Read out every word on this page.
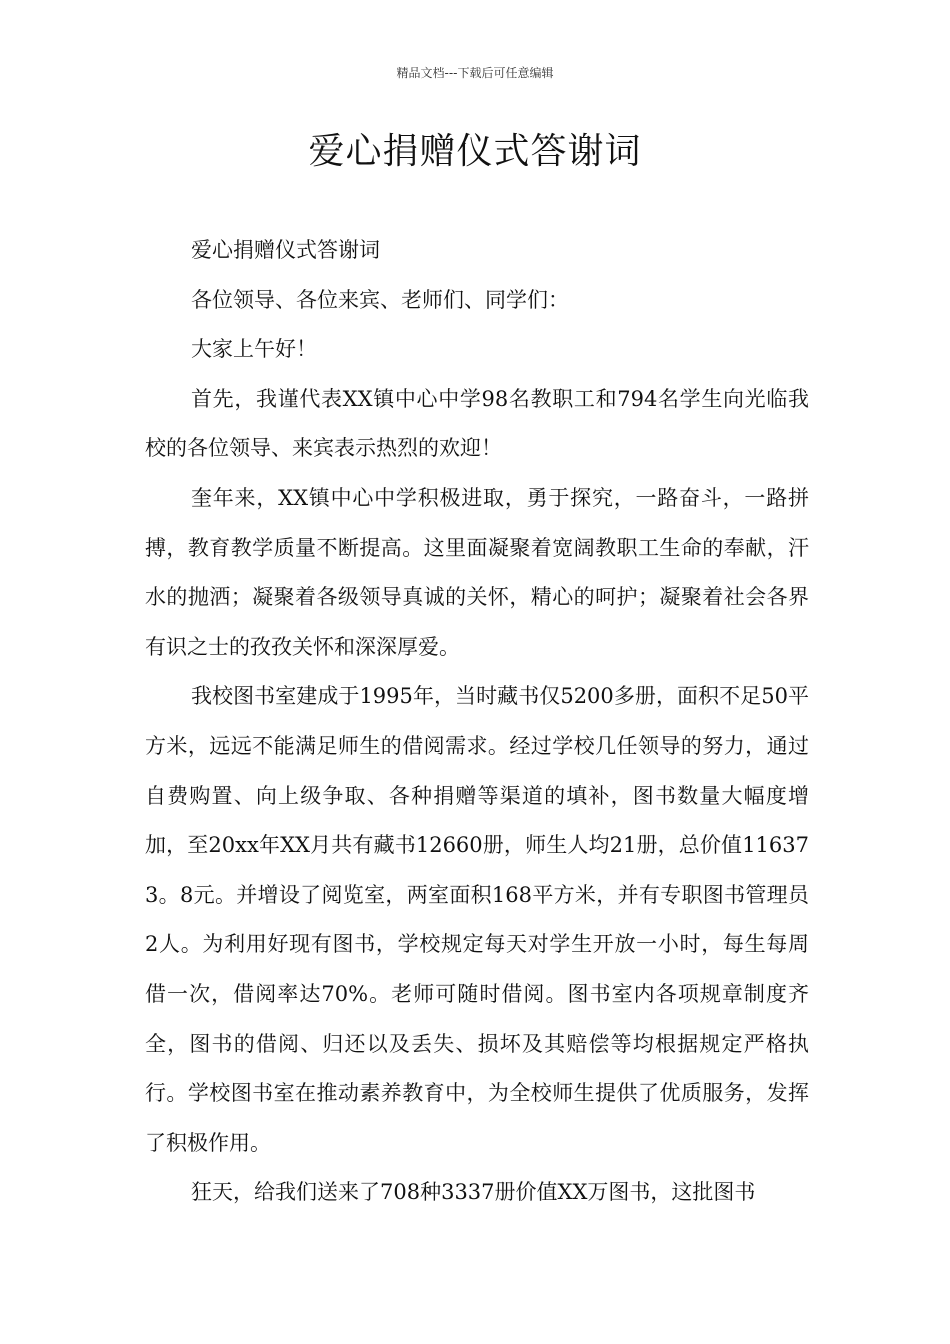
精品文档---下载后可任意编辑
爱心捐赠仪式答谢词

爱心捐赠仪式答谢词

各位领导、各位来宾、老师们、同学们：

大家上午好！

首先，我谨代表XX镇中心中学98名教职工和794名学生向光临我校的各位领导、来宾表示热烈的欢迎！

奎年来，XX镇中心中学积极进取，勇于探究，一路奋斗，一路拼搏，教育教学质量不断提高。这里面凝聚着宽阔教职工生命的奉献，汗水的抛洒；凝聚着各级领导真诚的关怀，精心的呵护；凝聚着社会各界有识之士的孜孜关怀和深深厚爱。

我校图书室建成于1995年，当时藏书仅5200多册，面积不足50平方米，远远不能满足师生的借阅需求。经过学校几任领导的努力，通过自费购置、向上级争取、各种捐赠等渠道的填补，图书数量大幅度增加，至20xx年XX月共有藏书12660册，师生人均21册，总价值116373。8元。并增设了阅览室，两室面积168平方米，并有专职图书管理员2人。为利用好现有图书，学校规定每天对学生开放一小时，每生每周借一次，借阅率达70%。老师可随时借阅。图书室内各项规章制度齐全，图书的借阅、归还以及丢失、损坏及其赔偿等均根据规定严格执行。学校图书室在推动素养教育中，为全校师生提供了优质服务，发挥了积极作用。

狂天，给我们送来了708种3337册价值XX万图书，这批图书
